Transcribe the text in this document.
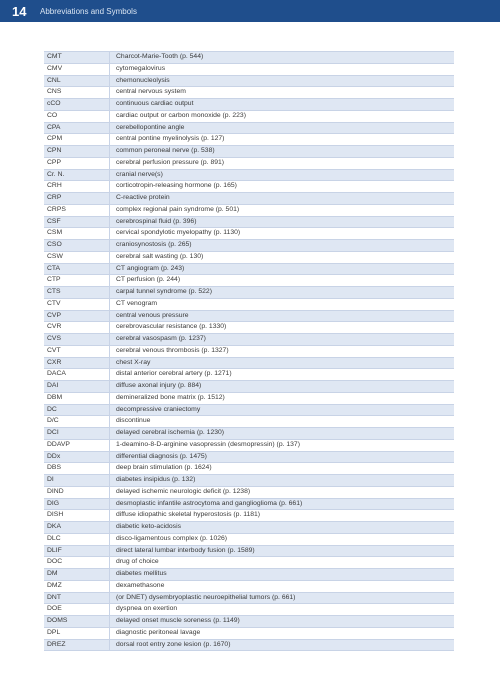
14	Abbreviations and Symbols
CMT	Charcot-Marie-Tooth (p. 544)
CMV	cytomegalovirus
CNL	chemonucleolysis
CNS	central nervous system
cCO	continuous cardiac output
CO	cardiac output or carbon monoxide (p. 223)
CPA	cerebellopontine angle
CPM	central pontine myelinolysis (p. 127)
CPN	common peroneal nerve (p. 538)
CPP	cerebral perfusion pressure (p. 891)
Cr. N.	cranial nerve(s)
CRH	corticotropin-releasing hormone (p. 165)
CRP	C-reactive protein
CRPS	complex regional pain syndrome (p. 501)
CSF	cerebrospinal fluid (p. 396)
CSM	cervical spondylotic myelopathy (p. 1130)
CSO	craniosynostosis (p. 265)
CSW	cerebral salt wasting (p. 130)
CTA	CT angiogram (p. 243)
CTP	CT perfusion (p. 244)
CTS	carpal tunnel syndrome (p. 522)
CTV	CT venogram
CVP	central venous pressure
CVR	cerebrovascular resistance (p. 1330)
CVS	cerebral vasospasm (p. 1237)
CVT	cerebral venous thrombosis (p. 1327)
CXR	chest X-ray
DACA	distal anterior cerebral artery (p. 1271)
DAI	diffuse axonal injury (p. 884)
DBM	demineralized bone matrix (p. 1512)
DC	decompressive craniectomy
D/C	discontinue
DCI	delayed cerebral ischemia (p. 1230)
DDAVP	1-deamino-8-D-arginine vasopressin (desmopressin) (p. 137)
DDx	differential diagnosis (p. 1475)
DBS	deep brain stimulation (p. 1624)
DI	diabetes insipidus (p. 132)
DIND	delayed ischemic neurologic deficit (p. 1238)
DIG	desmoplastic infantile astrocytoma and ganglioglioma (p. 661)
DISH	diffuse idiopathic skeletal hyperostosis (p. 1181)
DKA	diabetic keto-acidosis
DLC	disco-ligamentous complex (p. 1026)
DLIF	direct lateral lumbar interbody fusion (p. 1589)
DOC	drug of choice
DM	diabetes mellitus
DMZ	dexamethasone
DNT	(or DNET) dysembryoplastic neuroepithelial tumors (p. 661)
DOE	dyspnea on exertion
DOMS	delayed onset muscle soreness (p. 1149)
DPL	diagnostic peritoneal lavage
DREZ	dorsal root entry zone lesion (p. 1670)
